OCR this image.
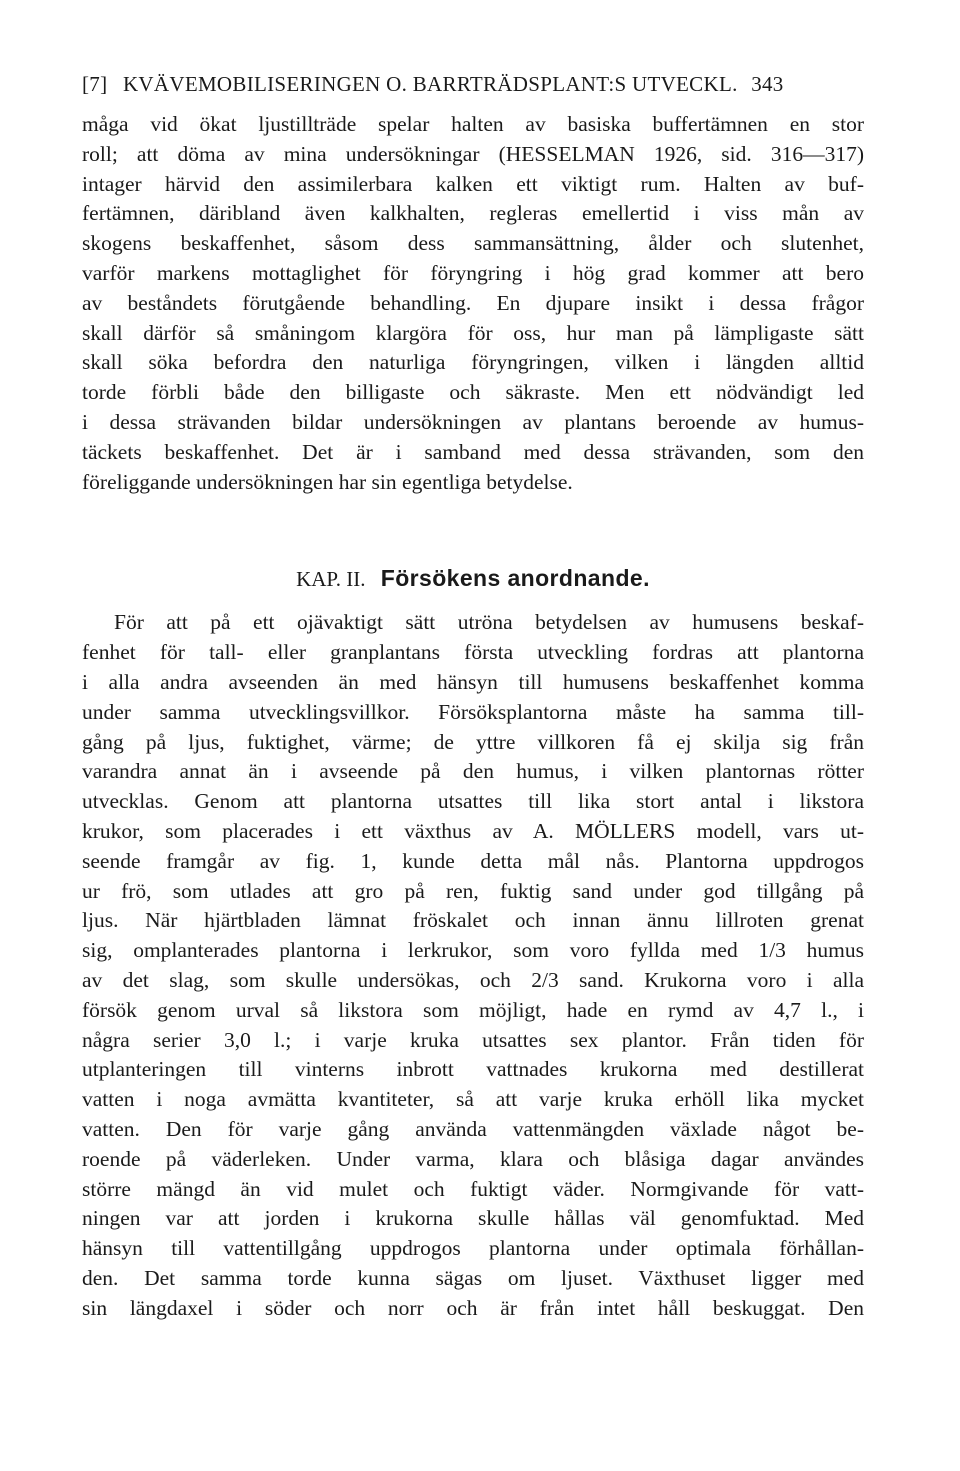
[7] KVÄVEMOBILISERINGEN O. BARRTRÄDSPLANT:S UTVECKL. 343
måga vid ökat ljustillträde spelar halten av basiska buffertämnen en stor
roll; att döma av mina undersökningar (HESSELMAN 1926, sid. 316—317)
intager härvid den assimilerbara kalken ett viktigt rum. Halten av buf-
fertämnen, däribland även kalkhalten, regleras emellertid i viss mån av
skogens beskaffenhet, såsom dess sammansättning, ålder och slutenhet,
varför markens mottaglighet för föryngring i hög grad kommer att bero
av beståndets förutgående behandling. En djupare insikt i dessa frågor
skall därför så småningom klargöra för oss, hur man på lämpligaste sätt
skall söka befordra den naturliga föryngringen, vilken i längden alltid
torde förbli både den billigaste och säkraste. Men ett nödvändigt led
i dessa strävanden bildar undersökningen av plantans beroende av humus-
täckets beskaffenhet. Det är i samband med dessa strävanden, som den
föreliggande undersökningen har sin egentliga betydelse.
KAP. II. Försökens anordnande.
För att på ett ojävaktigt sätt utröna betydelsen av humusens beskaf-
fenhet för tall- eller granplantans första utveckling fordras att plantorna
i alla andra avseenden än med hänsyn till humusens beskaffenhet komma
under samma utvecklingsvillkor. Försöksplantorna måste ha samma till-
gång på ljus, fuktighet, värme; de yttre villkoren få ej skilja sig från
varandra annat än i avseende på den humus, i vilken plantornas rötter
utvecklas. Genom att plantorna utsattes till lika stort antal i likstora
krukor, som placerades i ett växthus av A. MÖLLERS modell, vars ut-
seende framgår av fig. 1, kunde detta mål nås. Plantorna uppdrogos
ur frö, som utlades att gro på ren, fuktig sand under god tillgång på
ljus. När hjärtbladen lämnat fröskalet och innan ännu lillroten grenat
sig, omplanterades plantorna i lerkrukor, som voro fyllda med 1/3 humus
av det slag, som skulle undersökas, och 2/3 sand. Krukorna voro i alla
försök genom urval så likstora som möjligt, hade en rymd av 4,7 l., i
några serier 3,0 l.; i varje kruka utsattes sex plantor. Från tiden för
utplanteringen till vinterns inbrott vattnades krukorna med destillerat
vatten i noga avmätta kvantiteter, så att varje kruka erhöll lika mycket
vatten. Den för varje gång använda vattenmängden växlade något be-
roende på väderleken. Under varma, klara och blåsiga dagar användes
större mängd än vid mulet och fuktigt väder. Normgivande för vatt-
ningen var att jorden i krukorna skulle hållas väl genomfuktad. Med
hänsyn till vattentillgång uppdrogos plantorna under optimala förhållan-
den. Det samma torde kunna sägas om ljuset. Växthuset ligger med
sin längdaxel i söder och norr och är från intet håll beskuggat. Den
